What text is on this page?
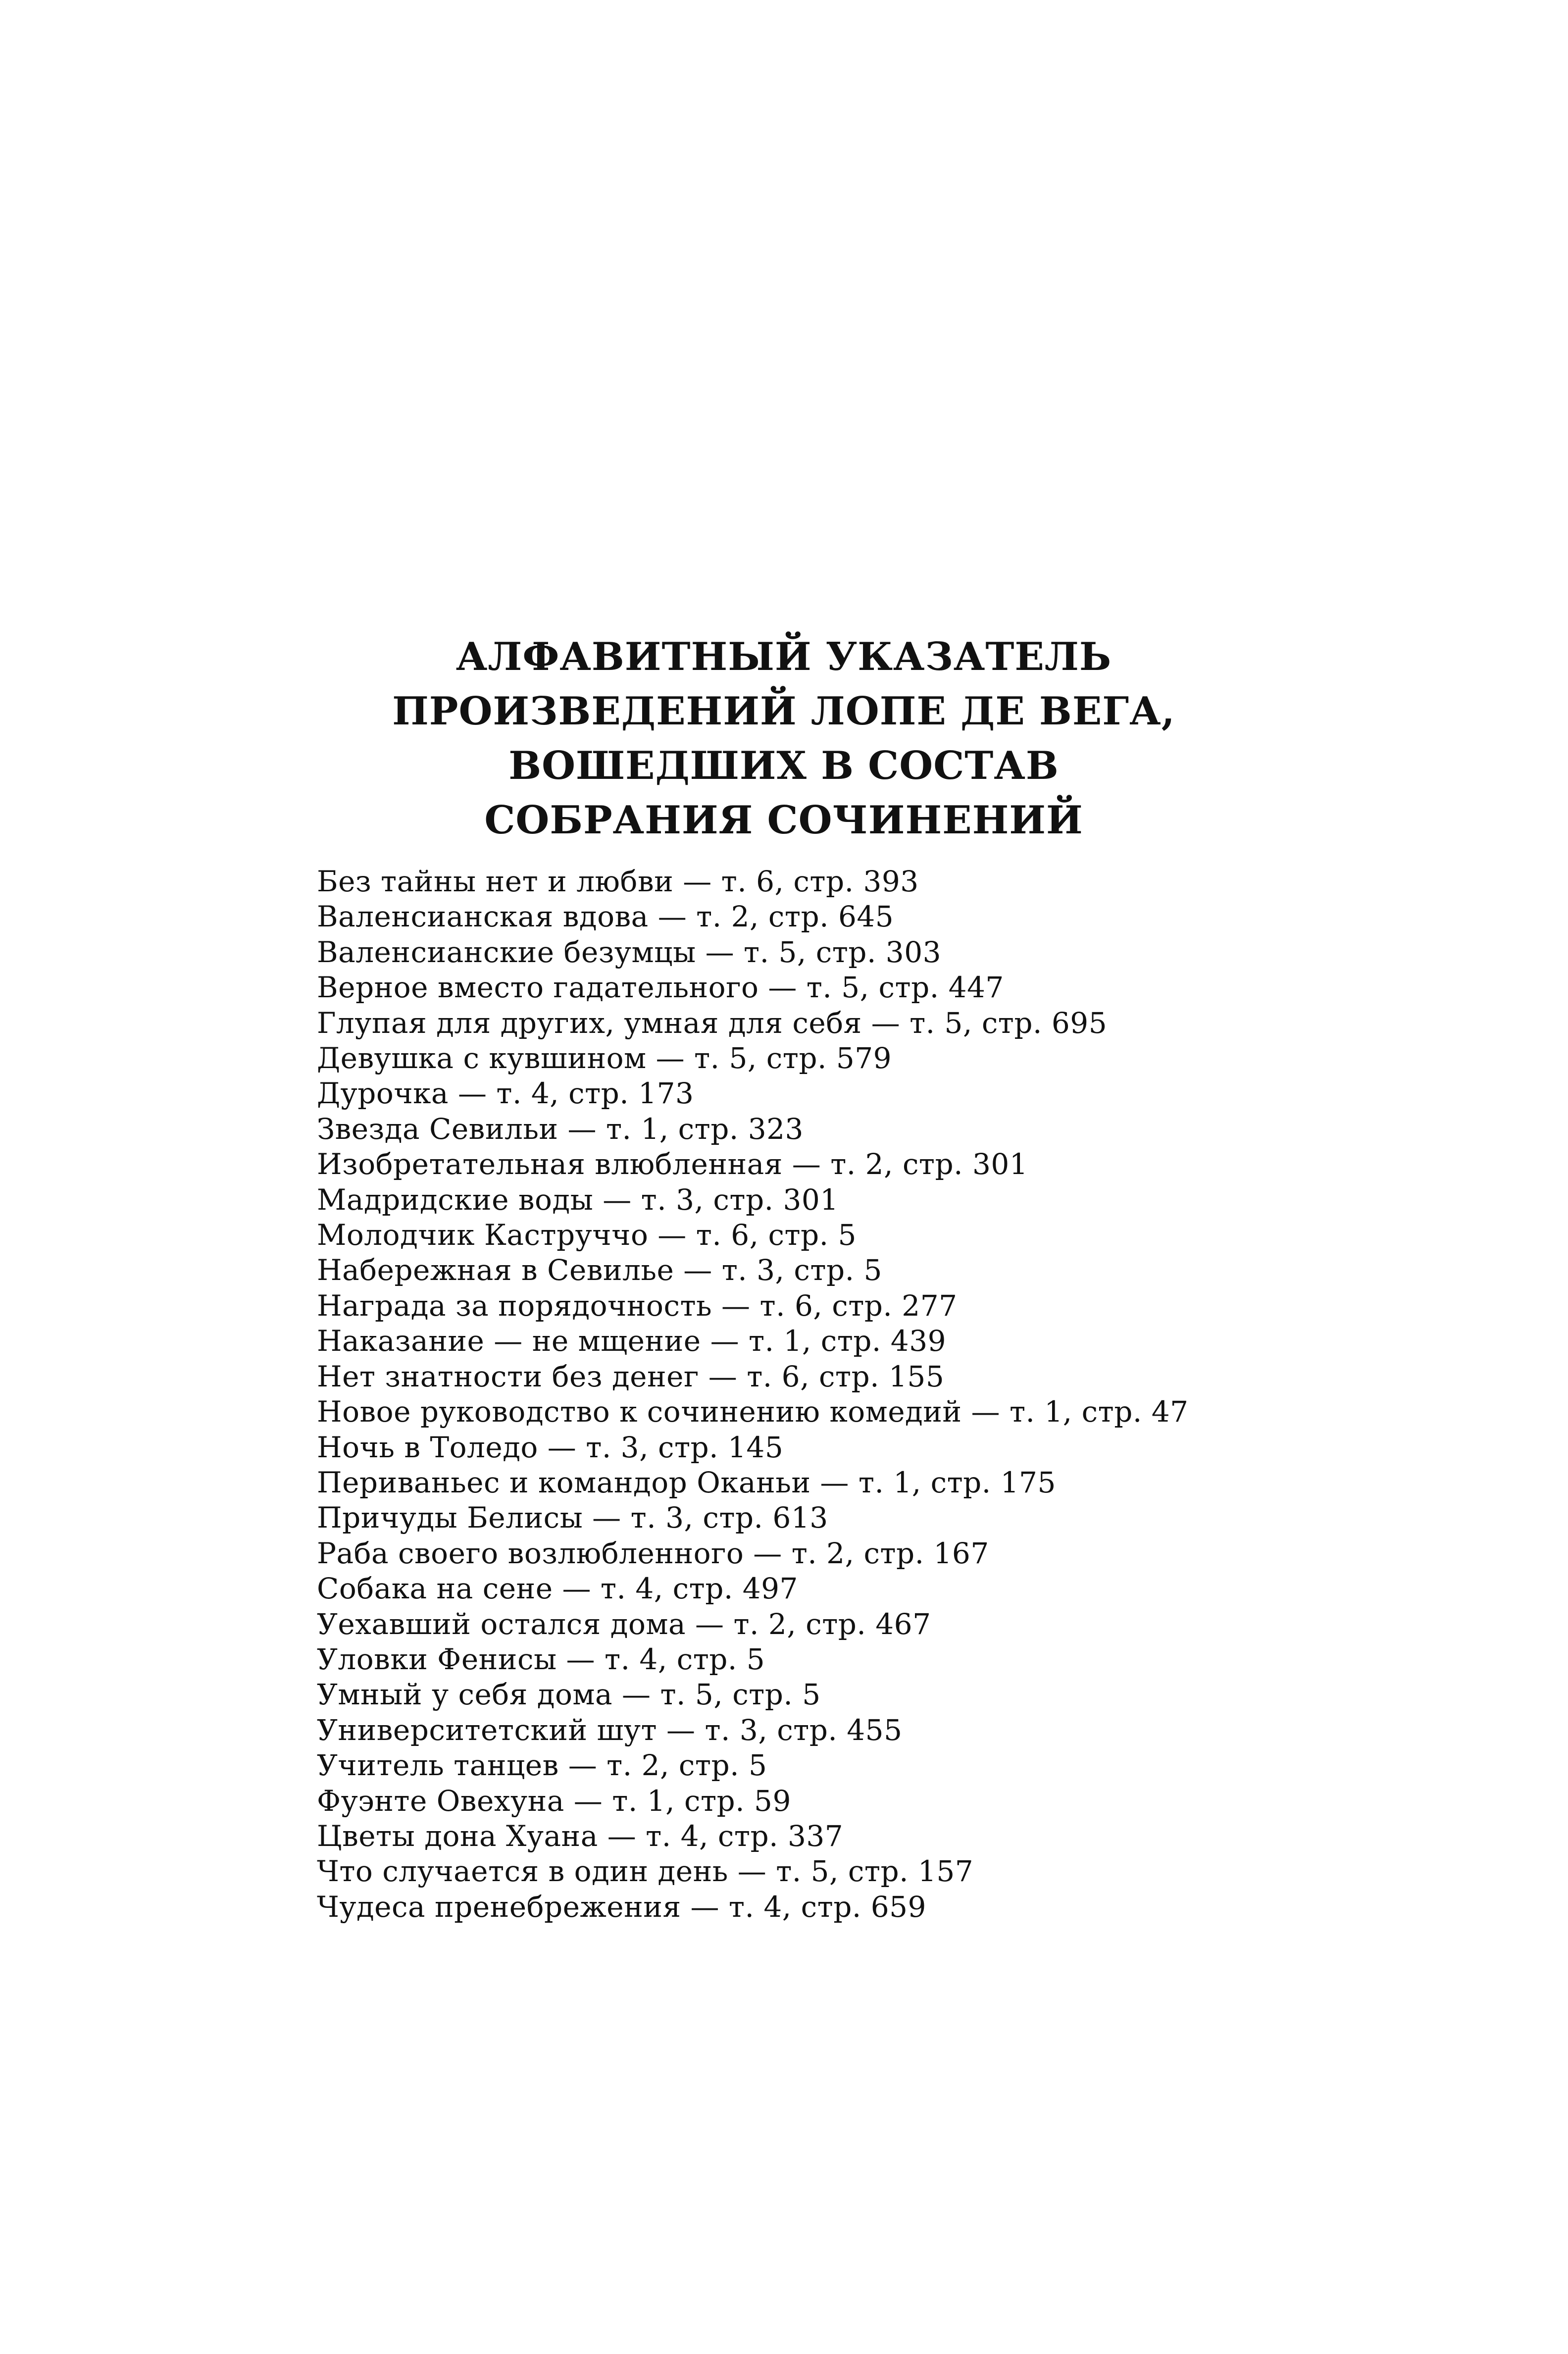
АЛФАВИТНЫЙ УКАЗАТЕЛЬ
ПРОИЗВЕДЕНИЙ ЛОПЕ ДЕ ВЕГА,
ВОШЕДШИХ В СОСТАВ
СОБРАНИЯ СОЧИНЕНИЙ
Без тайны нет и любви — т. 6, стр. 393
Валенсианская вдова — т. 2, стр. 645
Валенсианские безумцы — т. 5, стр. 303
Верное вместо гадательного — т. 5, стр. 447
Глупая для других, умная для себя — т. 5, стр. 695
Девушка с кувшином — т. 5, стр. 579
Дурочка — т. 4, стр. 173
Звезда Севильи — т. 1, стр. 323
Изобретательная влюбленная — т. 2, стр. 301
Мадридские воды — т. 3, стр. 301
Молодчик Каструччо — т. 6, стр. 5
Набережная в Севилье — т. 3, стр. 5
Награда за порядочность — т. 6, стр. 277
Наказание — не мщение — т. 1, стр. 439
Нет знатности без денег — т. 6, стр. 155
Новое руководство к сочинению комедий — т. 1, стр. 47
Ночь в Толедо — т. 3, стр. 145
Периваньес и командор Оканьи — т. 1, стр. 175
Причуды Белисы — т. 3, стр. 613
Раба своего возлюбленного — т. 2, стр. 167
Собака на сене — т. 4, стр. 497
Уехавший остался дома — т. 2, стр. 467
Уловки Фенисы — т. 4, стр. 5
Умный у себя дома — т. 5, стр. 5
Университетский шут — т. 3, стр. 455
Учитель танцев — т. 2, стр. 5
Фуэнте Овехуна — т. 1, стр. 59
Цветы дона Хуана — т. 4, стр. 337
Что случается в один день — т. 5, стр. 157
Чудеса пренебрежения — т. 4, стр. 659
